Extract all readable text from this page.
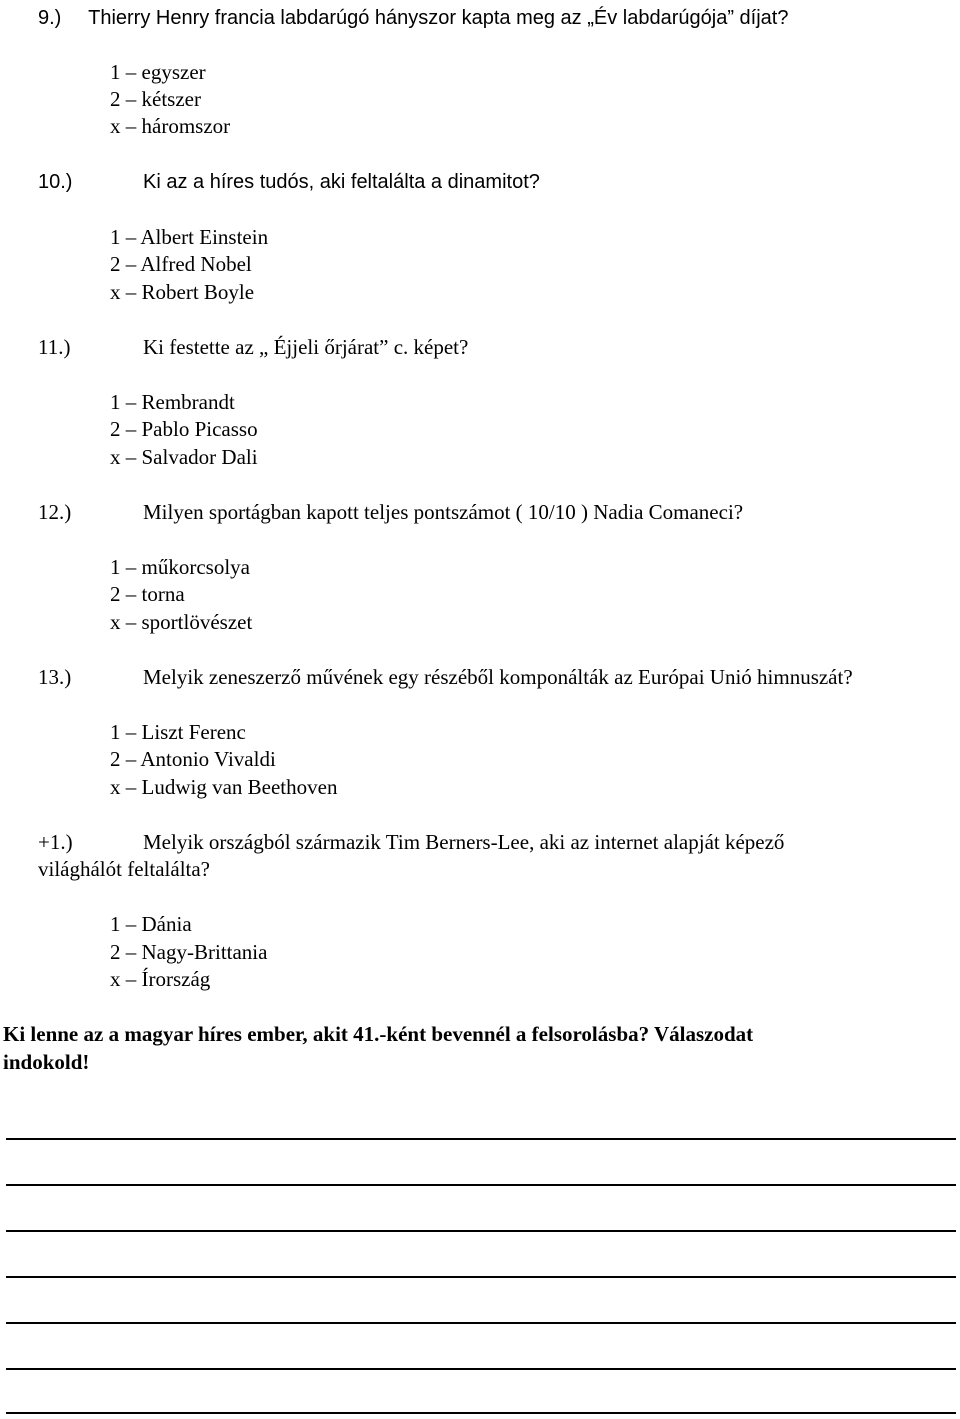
9.) Thierry Henry francia labdarúgó hányszor kapta meg az „Év labdarúgója” díjat?
1 – egyszer
2 – kétszer
x – háromszor
10.)	Ki az a híres tudós, aki feltalálta a dinamitot?
1 – Albert Einstein
2 – Alfred Nobel
x – Robert Boyle
11.)	Ki festette az „ Éjjeli őrjárat” c. képet?
1 – Rembrandt
2 – Pablo Picasso
x – Salvador Dali
12.)	Milyen sportágban kapott teljes pontszámot ( 10/10 ) Nadia Comaneci?
1 – műkorcsolya
2 – torna
x – sportlövészet
13.)	Melyik zeneszerző művének egy részéből komponálták az Európai Unió himnuszát?
1 – Liszt Ferenc
2 – Antonio Vivaldi
x – Ludwig van Beethoven
+1.)	Melyik országból származik Tim Berners-Lee, aki az internet alapját képező
világhálót feltalálta?
1 – Dánia
2 – Nagy-Brittania
x – Írország
Ki lenne az a magyar híres ember, akit 41.-ként bevennél a felsorolásba? Válaszodat
indokold!
